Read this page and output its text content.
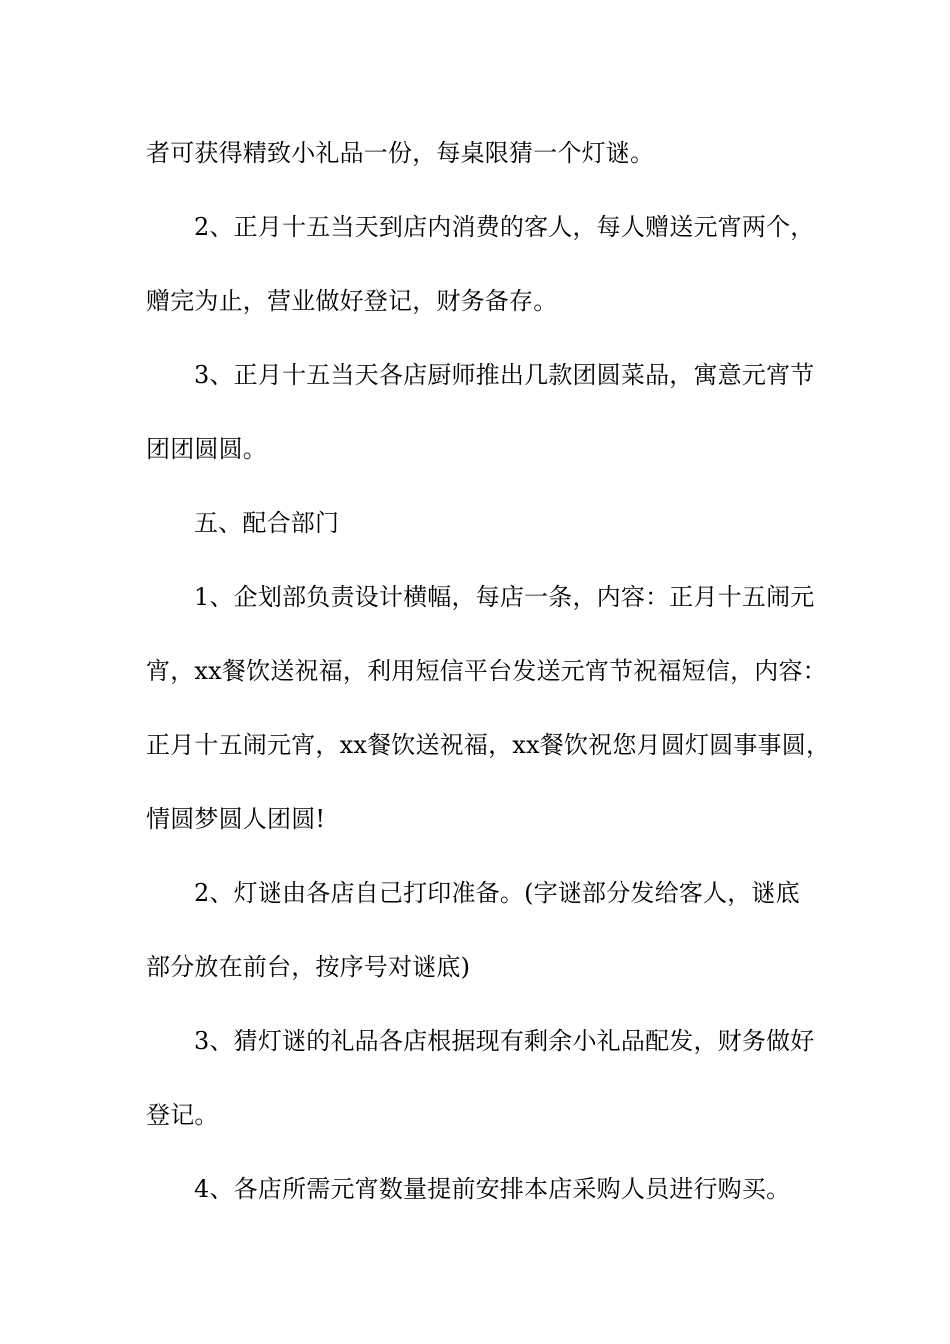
者可获得精致小礼品一份，每桌限猜一个灯谜。
2、正月十五当天到店内消费的客人，每人赠送元宵两个，
赠完为止，营业做好登记，财务备存。
3、正月十五当天各店厨师推出几款团圆菜品，寓意元宵节
团团圆圆。
五、配合部门
1、企划部负责设计横幅，每店一条，内容：正月十五闹元
宵，xx餐饮送祝福，利用短信平台发送元宵节祝福短信，内容：
正月十五闹元宵，xx餐饮送祝福，xx餐饮祝您月圆灯圆事事圆，
情圆梦圆人团圆!
2、灯谜由各店自己打印准备。(字谜部分发给客人，谜底
部分放在前台，按序号对谜底)
3、猜灯谜的礼品各店根据现有剩余小礼品配发，财务做好
登记。
4、各店所需元宵数量提前安排本店采购人员进行购买。
